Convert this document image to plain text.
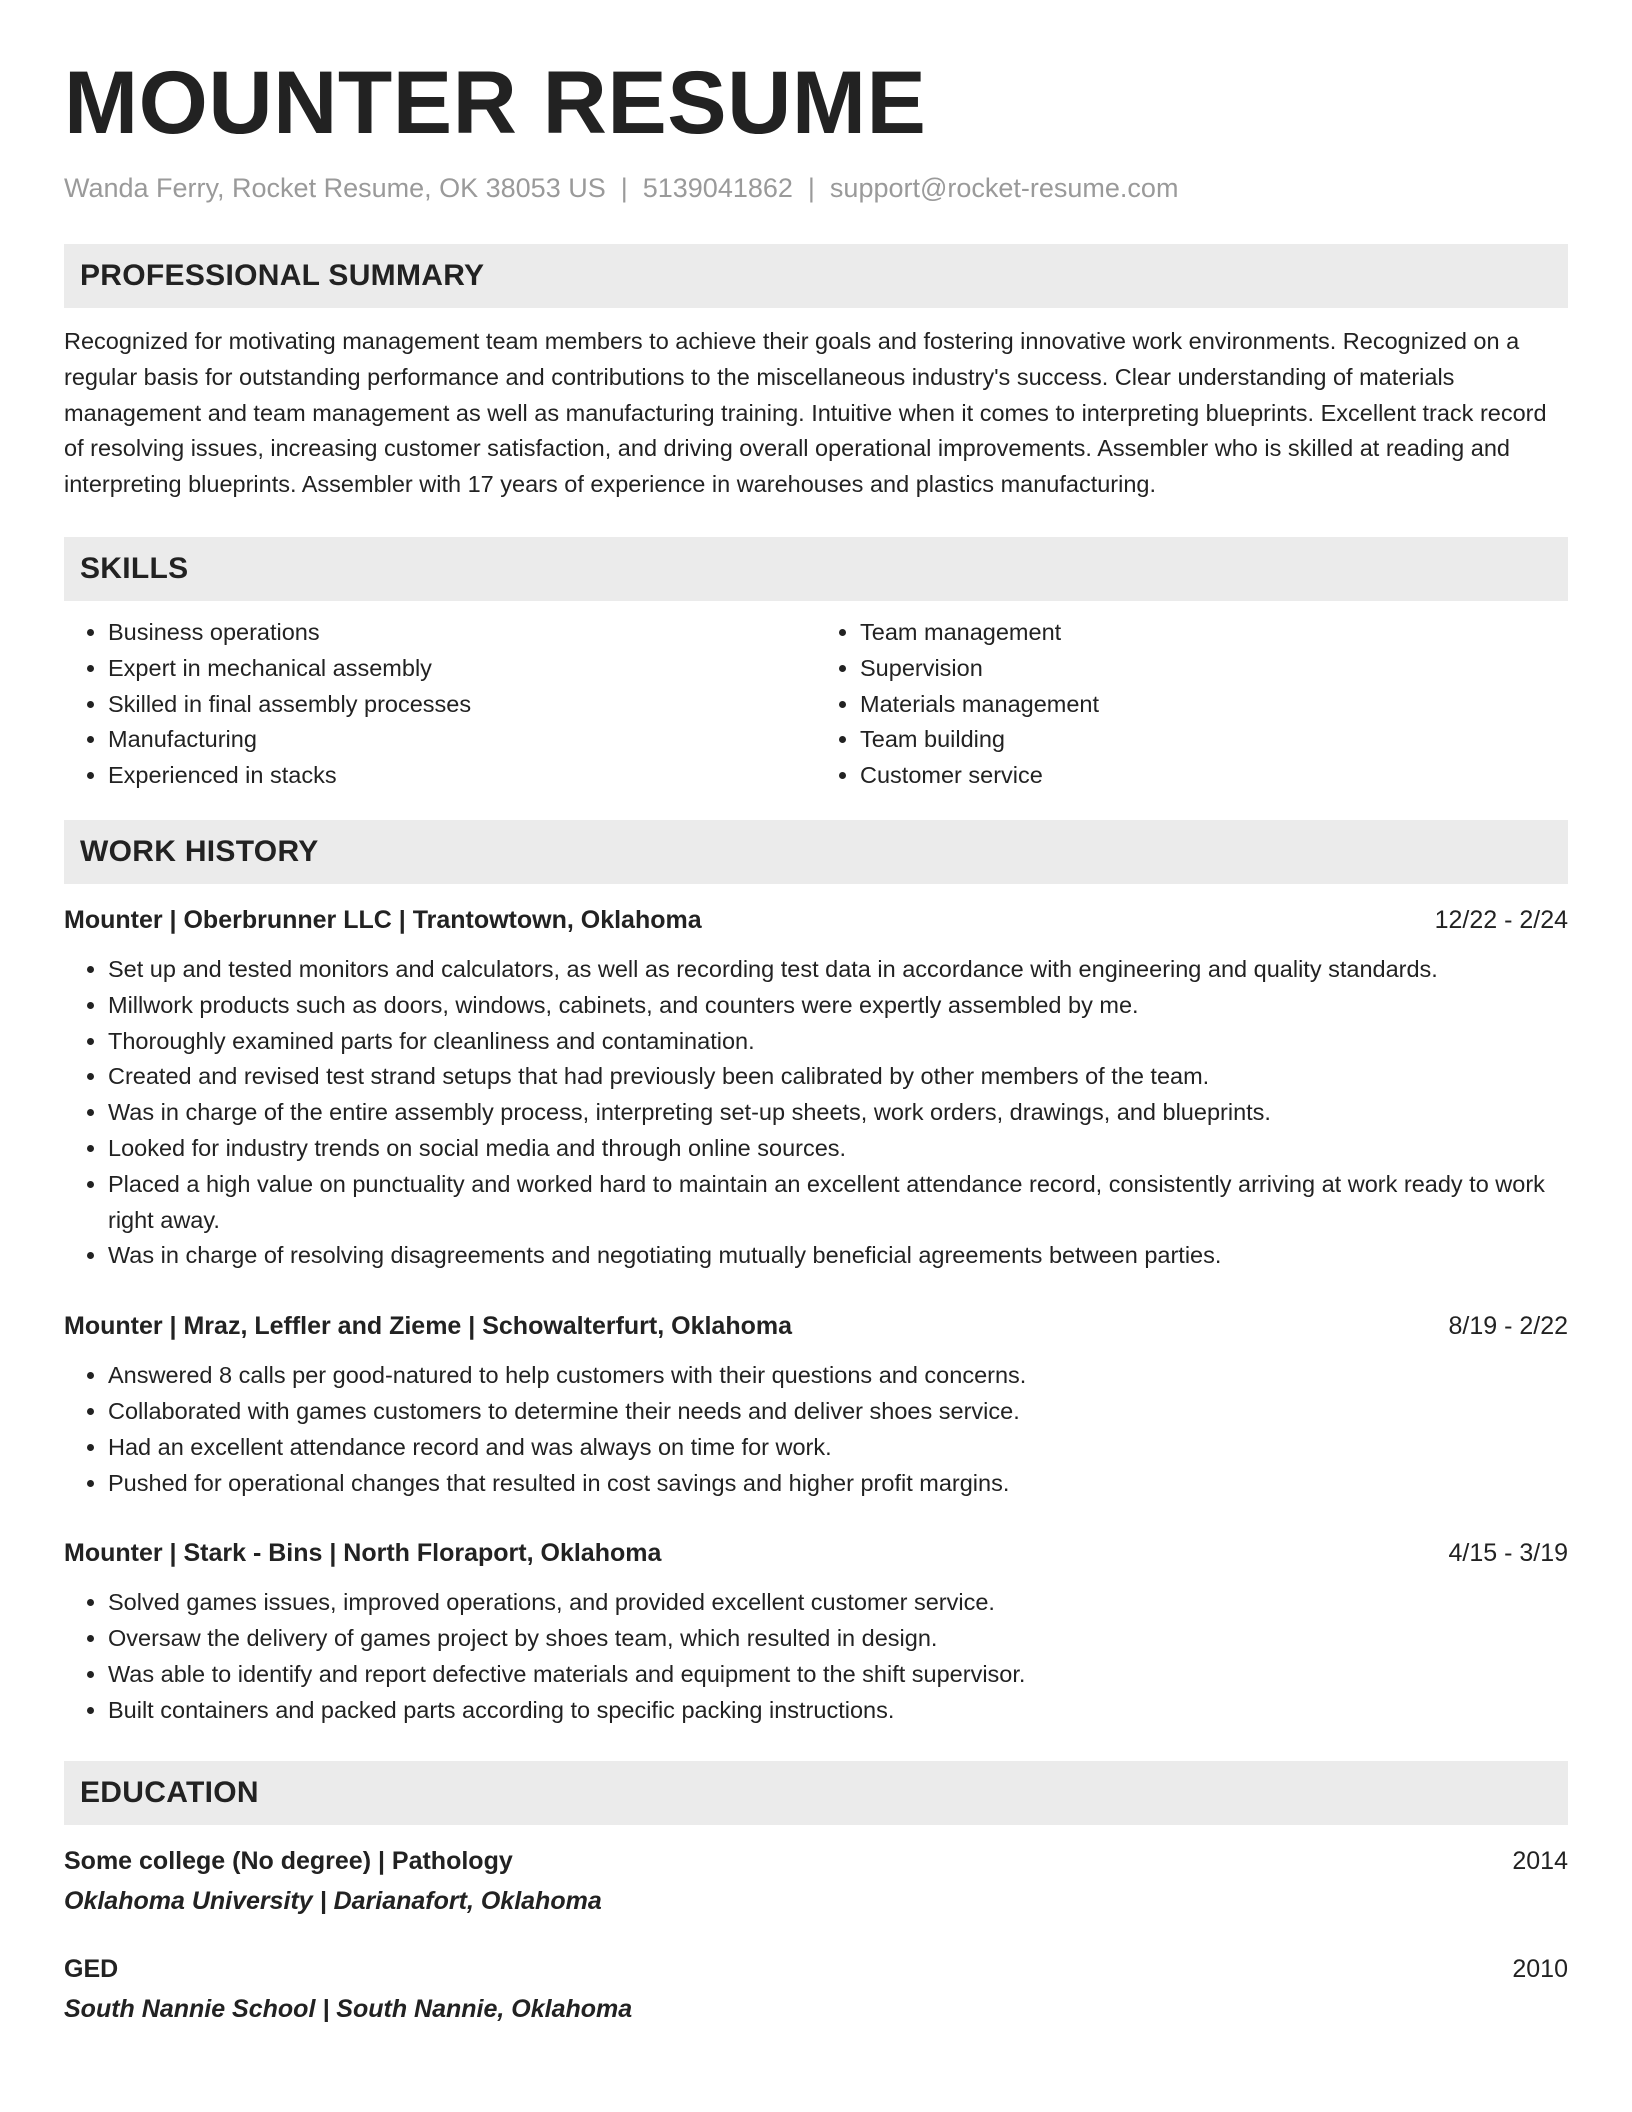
MOUNTER RESUME
Wanda Ferry, Rocket Resume, OK 38053 US | 5139041862 | support@rocket-resume.com
PROFESSIONAL SUMMARY

Recognized for motivating management team members to achieve their goals and fostering innovative work environments. Recognized on a regular basis for outstanding performance and contributions to the miscellaneous industry's success. Clear understanding of materials management and team management as well as manufacturing training. Intuitive when it comes to interpreting blueprints. Excellent track record of resolving issues, increasing customer satisfaction, and driving overall operational improvements. Assembler who is skilled at reading and interpreting blueprints. Assembler with 17 years of experience in warehouses and plastics manufacturing.

SKILLS
• Business operations
• Expert in mechanical assembly
• Skilled in final assembly processes
• Manufacturing
• Experienced in stacks
• Team management
• Supervision
• Materials management
• Team building
• Customer service
WORK HISTORY
Mounter | Oberbrunner LLC | Trantowtown, Oklahoma	12/22 - 2/24
• Set up and tested monitors and calculators, as well as recording test data in accordance with engineering and quality standards.
• Millwork products such as doors, windows, cabinets, and counters were expertly assembled by me.
• Thoroughly examined parts for cleanliness and contamination.
• Created and revised test strand setups that had previously been calibrated by other members of the team.
• Was in charge of the entire assembly process, interpreting set-up sheets, work orders, drawings, and blueprints.
• Looked for industry trends on social media and through online sources.
• Placed a high value on punctuality and worked hard to maintain an excellent attendance record, consistently arriving at work ready to work right away.
• Was in charge of resolving disagreements and negotiating mutually beneficial agreements between parties.
Mounter | Mraz, Leffler and Zieme | Schowalterfurt, Oklahoma	8/19 - 2/22
• Answered 8 calls per good-natured to help customers with their questions and concerns.
• Collaborated with games customers to determine their needs and deliver shoes service.
• Had an excellent attendance record and was always on time for work.
• Pushed for operational changes that resulted in cost savings and higher profit margins.
Mounter | Stark - Bins | North Floraport, Oklahoma	4/15 - 3/19
• Solved games issues, improved operations, and provided excellent customer service.
• Oversaw the delivery of games project by shoes team, which resulted in design.
• Was able to identify and report defective materials and equipment to the shift supervisor.
• Built containers and packed parts according to specific packing instructions.
EDUCATION
Some college (No degree) | Pathology	2014
Oklahoma University | Darianafort, Oklahoma
GED	2010
South Nannie School | South Nannie, Oklahoma
